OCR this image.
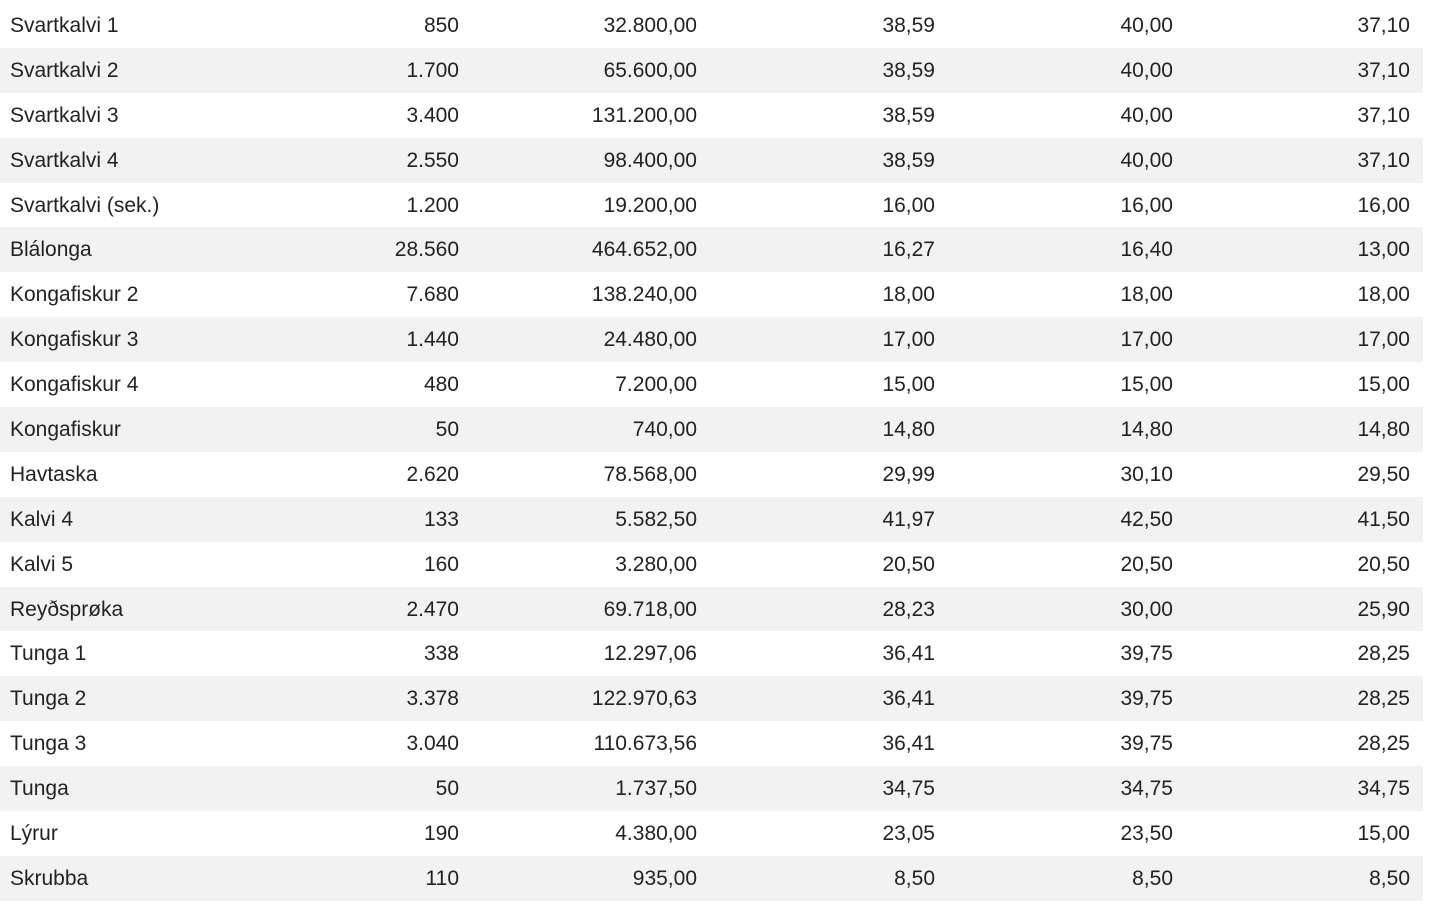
Svartkalvi 1	850	32.800,00	38,59	40,00	37,10
Svartkalvi 2	1.700	65.600,00	38,59	40,00	37,10
Svartkalvi 3	3.400	131.200,00	38,59	40,00	37,10
Svartkalvi 4	2.550	98.400,00	38,59	40,00	37,10
Svartkalvi (sek.)	1.200	19.200,00	16,00	16,00	16,00
Blálonga	28.560	464.652,00	16,27	16,40	13,00
Kongafiskur 2	7.680	138.240,00	18,00	18,00	18,00
Kongafiskur 3	1.440	24.480,00	17,00	17,00	17,00
Kongafiskur 4	480	7.200,00	15,00	15,00	15,00
Kongafiskur	50	740,00	14,80	14,80	14,80
Havtaska	2.620	78.568,00	29,99	30,10	29,50
Kalvi 4	133	5.582,50	41,97	42,50	41,50
Kalvi 5	160	3.280,00	20,50	20,50	20,50
Reyðsprøka	2.470	69.718,00	28,23	30,00	25,90
Tunga 1	338	12.297,06	36,41	39,75	28,25
Tunga 2	3.378	122.970,63	36,41	39,75	28,25
Tunga 3	3.040	110.673,56	36,41	39,75	28,25
Tunga	50	1.737,50	34,75	34,75	34,75
Lýrur	190	4.380,00	23,05	23,50	15,00
Skrubba	110	935,00	8,50	8,50	8,50
